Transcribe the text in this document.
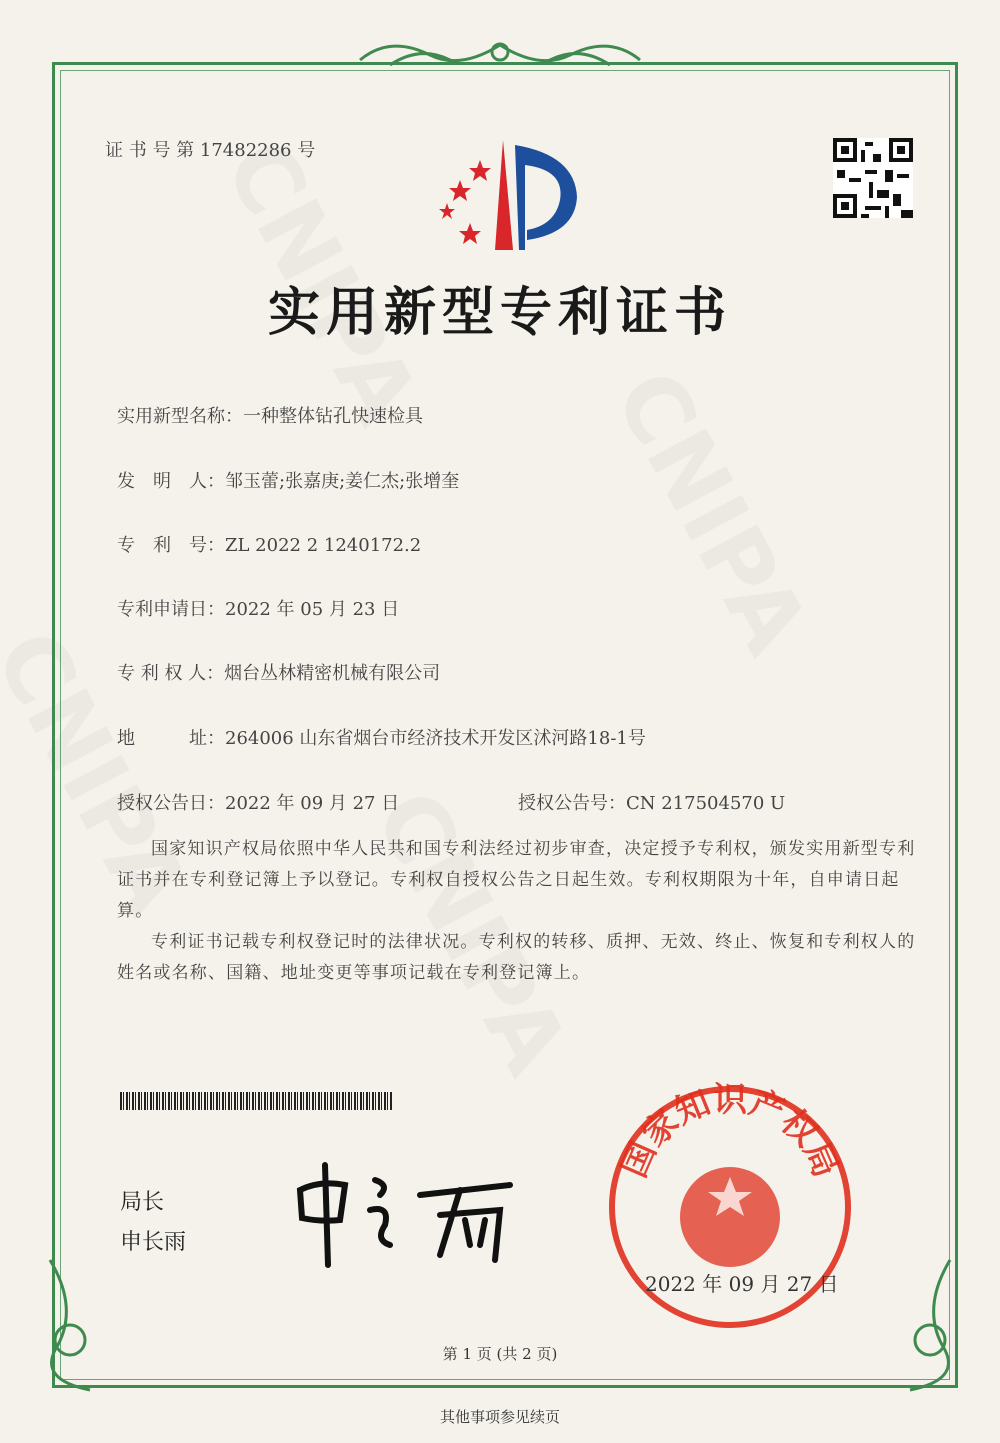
证 书 号 第 17482286 号
实用新型专利证书
实用新型名称：一种整体钻孔快速检具
发　明　人：邹玉蕾;张嘉庚;姜仁杰;张增奎
专　利　号：ZL 2022 2 1240172.2
专利申请日：2022 年 05 月 23 日
专 利 权 人：烟台丛林精密机械有限公司
地　　　址：264006 山东省烟台市经济技术开发区沭河路18-1号
授权公告日：2022 年 09 月 27 日	授权公告号：CN 217504570 U
国家知识产权局依照中华人民共和国专利法经过初步审查，决定授予专利权，颁发实用新型专利证书并在专利登记簿上予以登记。专利权自授权公告之日起生效。专利权期限为十年，自申请日起算。
专利证书记载专利权登记时的法律状况。专利权的转移、质押、无效、终止、恢复和专利权人的姓名或名称、国籍、地址变更等事项记载在专利登记簿上。
局长
申长雨
国家知识产权局
2022 年 09 月 27 日
第 1 页 (共 2 页)
其他事项参见续页
